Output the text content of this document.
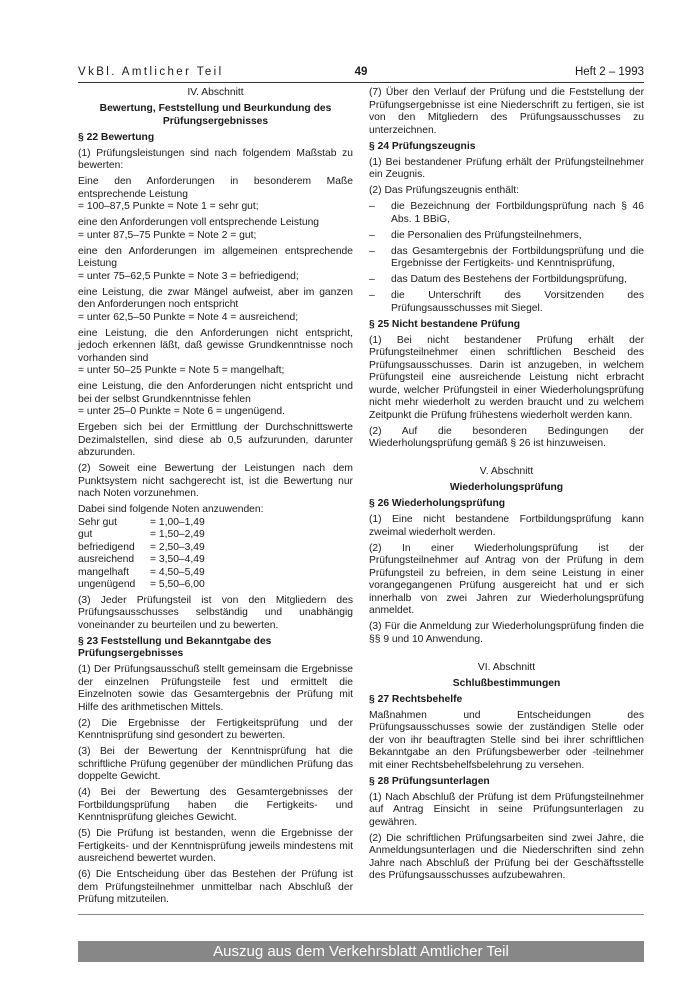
VkBl. Amtlicher Teil	49	Heft 2 – 1993

IV. Abschnitt

Bewertung, Feststellung und Beurkundung des Prüfungsergebnisses

§ 22 Bewertung

(1) Prüfungsleistungen sind nach folgendem Maßstab zu bewerten:

Eine den Anforderungen in besonderem Maße entsprechende Leistung

= 100–87,5 Punkte = Note 1 = sehr gut;

eine den Anforderungen voll entsprechende Leistung

= unter 87,5–75 Punkte = Note 2 = gut;

eine den Anforderungen im allgemeinen entsprechende Leistung

= unter 75–62,5 Punkte = Note 3 = befriedigend;

eine Leistung, die zwar Mängel aufweist, aber im ganzen den Anforderungen noch entspricht

= unter 62,5–50 Punkte = Note 4 = ausreichend;

eine Leistung, die den Anforderungen nicht entspricht, jedoch erkennen läßt, daß gewisse Grundkenntnisse noch vorhanden sind

= unter 50–25 Punkte = Note 5 = mangelhaft;

eine Leistung, die den Anforderungen nicht entspricht und bei der selbst Grundkenntnisse fehlen

= unter 25–0 Punkte = Note 6 = ungenügend.

Ergeben sich bei der Ermittlung der Durchschnittswerte Dezimalstellen, sind diese ab 0,5 aufzurunden, darunter abzurunden.

(2) Soweit eine Bewertung der Leistungen nach dem Punktsystem nicht sachgerecht ist, ist die Bewertung nur nach Noten vorzunehmen.

Dabei sind folgende Noten anzuwenden:

Sehr gut	= 1,00–1,49
gut	= 1,50–2,49
befriedigend	= 2,50–3,49
ausreichend	= 3,50–4,49
mangelhaft	= 4,50–5,49
ungenügend	= 5,50–6,00

(3) Jeder Prüfungsteil ist von den Mitgliedern des Prüfungsausschusses selbständig und unabhängig voneinander zu beurteilen und zu bewerten.

§ 23 Feststellung und Bekanntgabe des Prüfungsergebnisses

(1) Der Prüfungsausschuß stellt gemeinsam die Ergebnisse der einzelnen Prüfungsteile fest und ermittelt die Einzelnoten sowie das Gesamtergebnis der Prüfung mit Hilfe des arithmetischen Mittels.

(2) Die Ergebnisse der Fertigkeitsprüfung und der Kenntnisprüfung sind gesondert zu bewerten.

(3) Bei der Bewertung der Kenntnisprüfung hat die schriftliche Prüfung gegenüber der mündlichen Prüfung das doppelte Gewicht.

(4) Bei der Bewertung des Gesamtergebnisses der Fortbildungsprüfung haben die Fertigkeits- und Kenntnisprüfung gleiches Gewicht.

(5) Die Prüfung ist bestanden, wenn die Ergebnisse der Fertigkeits- und der Kenntnisprüfung jeweils mindestens mit ausreichend bewertet wurden.

(6) Die Entscheidung über das Bestehen der Prüfung ist dem Prüfungsteilnehmer unmittelbar nach Abschluß der Prüfung mitzuteilen.

(7) Über den Verlauf der Prüfung und die Feststellung der Prüfungsergebnisse ist eine Niederschrift zu fertigen, sie ist von den Mitgliedern des Prüfungsausschusses zu unterzeichnen.

§ 24 Prüfungszeugnis

(1) Bei bestandener Prüfung erhält der Prüfungsteilnehmer ein Zeugnis.

(2) Das Prüfungszeugnis enthält:

– die Bezeichnung der Fortbildungsprüfung nach § 46 Abs. 1 BBiG,
– die Personalien des Prüfungsteilnehmers,
– das Gesamtergebnis der Fortbildungsprüfung und die Ergebnisse der Fertigkeits- und Kenntnisprüfung,
– das Datum des Bestehens der Fortbildungsprüfung,
– die Unterschrift des Vorsitzenden des Prüfungsausschusses mit Siegel.

§ 25 Nicht bestandene Prüfung

(1) Bei nicht bestandener Prüfung erhält der Prüfungsteilnehmer einen schriftlichen Bescheid des Prüfungsausschusses. Darin ist anzugeben, in welchem Prüfungsteil eine ausreichende Leistung nicht erbracht wurde, welcher Prüfungsteil in einer Wiederholungsprüfung nicht mehr wiederholt zu werden braucht und zu welchem Zeitpunkt die Prüfung frühestens wiederholt werden kann.

(2) Auf die besonderen Bedingungen der Wiederholungsprüfung gemäß § 26 ist hinzuweisen.

V. Abschnitt

Wiederholungsprüfung

§ 26 Wiederholungsprüfung

(1) Eine nicht bestandene Fortbildungsprüfung kann zweimal wiederholt werden.

(2) In einer Wiederholungsprüfung ist der Prüfungsteilnehmer auf Antrag von der Prüfung in dem Prüfungsteil zu befreien, in dem seine Leistung in einer vorangegangenen Prüfung ausgereicht hat und er sich innerhalb von zwei Jahren zur Wiederholungsprüfung anmeldet.

(3) Für die Anmeldung zur Wiederholungsprüfung finden die §§ 9 und 10 Anwendung.

VI. Abschnitt

Schlußbestimmungen

§ 27 Rechtsbehelfe

Maßnahmen und Entscheidungen des Prüfungsausschusses sowie der zuständigen Stelle oder der von ihr beauftragten Stelle sind bei ihrer schriftlichen Bekanntgabe an den Prüfungsbewerber oder -teilnehmer mit einer Rechtsbehelfsbelehrung zu versehen.

§ 28 Prüfungsunterlagen

(1) Nach Abschluß der Prüfung ist dem Prüfungsteilnehmer auf Antrag Einsicht in seine Prüfungsunterlagen zu gewähren.

(2) Die schriftlichen Prüfungsarbeiten sind zwei Jahre, die Anmeldungsunterlagen und die Niederschriften sind zehn Jahre nach Abschluß der Prüfung bei der Geschäftsstelle des Prüfungsausschusses aufzubewahren.

Auszug aus dem Verkehrsblatt Amtlicher Teil
